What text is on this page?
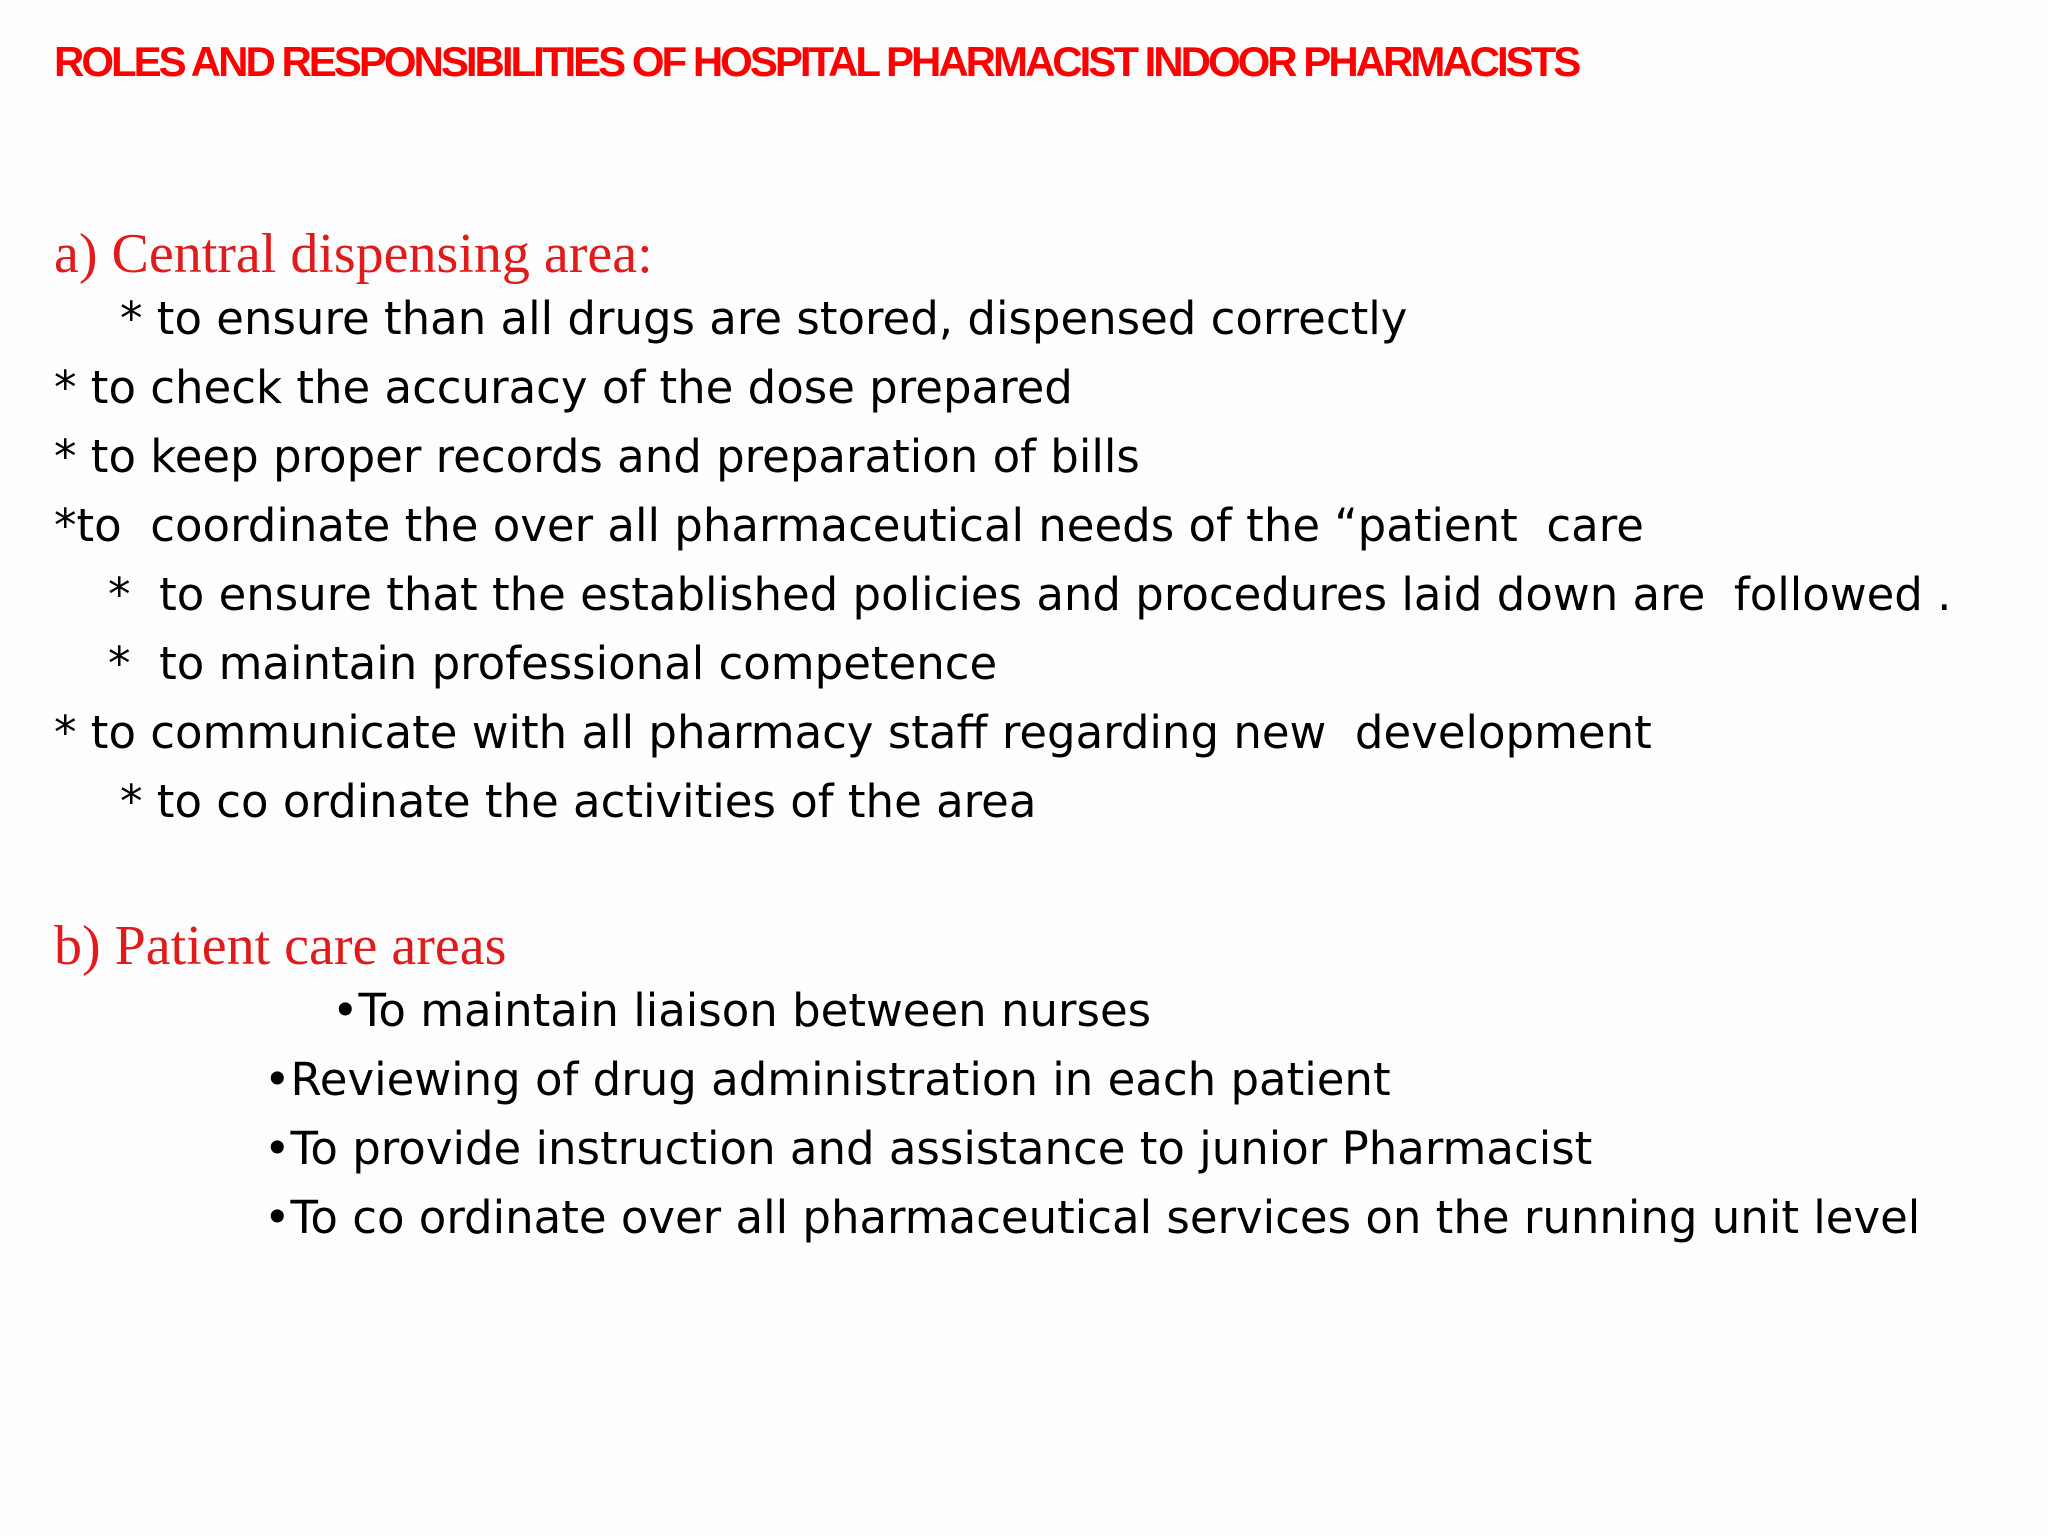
ROLES AND RESPONSIBILITIES OF HOSPITAL PHARMACIST INDOOR PHARMACISTS
a) Central dispensing area:
* to ensure than all drugs are stored, dispensed correctly
* to check the accuracy of the dose prepared
* to keep proper records and preparation of bills
*to  coordinate the over all pharmaceutical needs of the “patient  care
*  to ensure that the established policies and procedures laid down are  followed .
*  to maintain professional competence
* to communicate with all pharmacy staff regarding new  development
* to co ordinate the activities of the area
b) Patient care areas
•To maintain liaison between nurses
•Reviewing of drug administration in each patient
•To provide instruction and assistance to junior Pharmacist
•To co ordinate over all pharmaceutical services on the running unit level
